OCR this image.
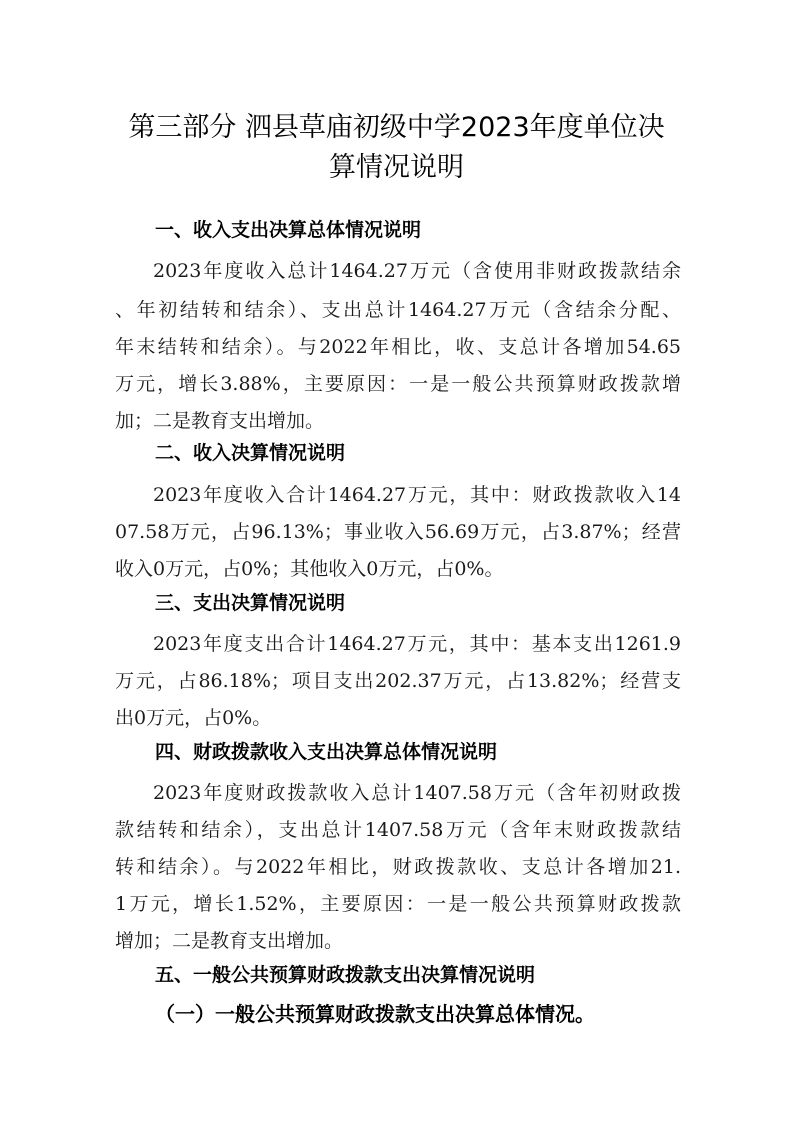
第三部分 泗县草庙初级中学2023年度单位决
算情况说明
一、收入支出决算总体情况说明
2023年度收入总计1464.27万元（含使用非财政拨款结余
、年初结转和结余）、支出总计1464.27万元（含结余分配、
年末结转和结余）。与2022年相比，收、支总计各增加54.65
万元，增长3.88%，主要原因：一是一般公共预算财政拨款增
加；二是教育支出增加。
二、收入决算情况说明
2023年度收入合计1464.27万元，其中：财政拨款收入14
07.58万元，占96.13%；事业收入56.69万元，占3.87%；经营
收入0万元，占0%；其他收入0万元，占0%。
三、支出决算情况说明
2023年度支出合计1464.27万元，其中：基本支出1261.9
万元，占86.18%；项目支出202.37万元，占13.82%；经营支
出0万元，占0%。
四、财政拨款收入支出决算总体情况说明
2023年度财政拨款收入总计1407.58万元（含年初财政拨
款结转和结余），支出总计1407.58万元（含年末财政拨款结
转和结余）。与2022年相比，财政拨款收、支总计各增加21.
1万元，增长1.52%，主要原因：一是一般公共预算财政拨款
增加；二是教育支出增加。
五、一般公共预算财政拨款支出决算情况说明
（一）一般公共预算财政拨款支出决算总体情况。
